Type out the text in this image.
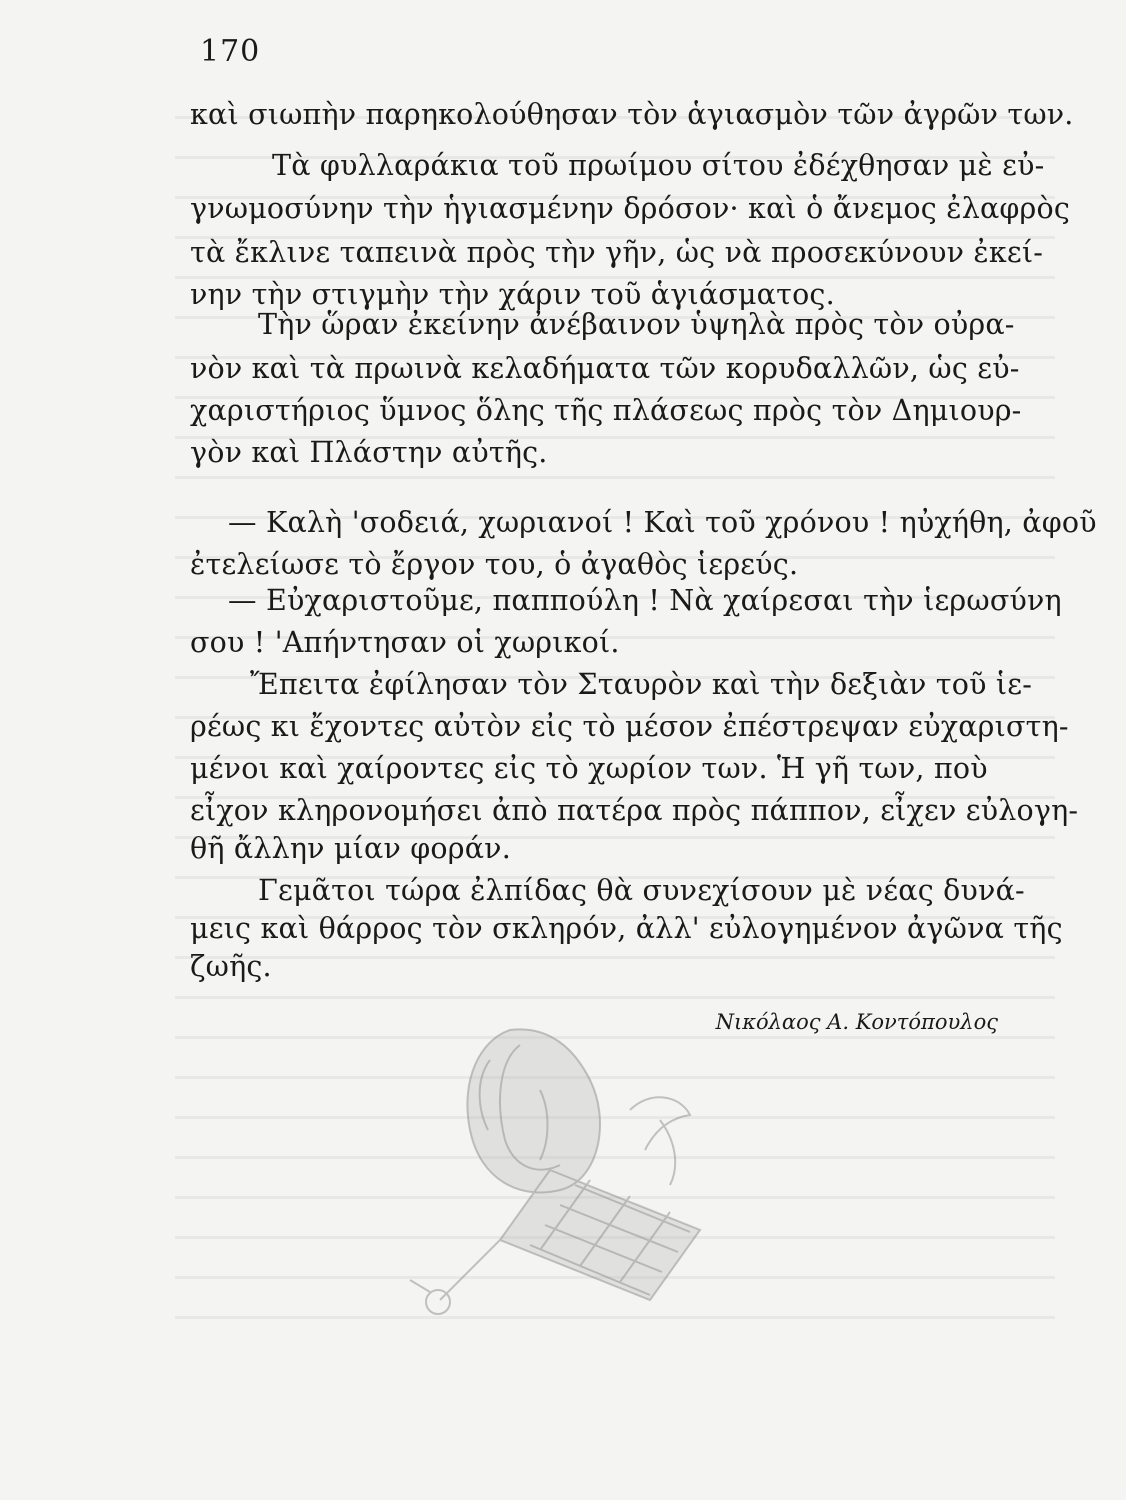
170
καὶ σιωπὴν παρηκολούθησαν τὸν ἁγιασμὸν τῶν ἀγρῶν των.
Τὰ φυλλαράκια τοῦ πρωίμου σίτου ἐδέχθησαν μὲ εὐ-
γνωμοσύνην τὴν ἡγιασμένην δρόσον· καὶ ὁ ἄνεμος ἐλαφρὸς
τὰ ἔκλινε ταπεινὰ πρὸς τὴν γῆν, ὡς νὰ προσεκύνουν ἐκεί-
νην τὴν στιγμὴν τὴν χάριν τοῦ ἁγιάσματος.
Τὴν ὥραν ἐκείνην ἀνέβαινον ὑψηλὰ πρὸς τὸν οὐρα-
νὸν καὶ τὰ πρωινὰ κελαδήματα τῶν κορυδαλλῶν, ὡς εὐ-
χαριστήριος ὕμνος ὅλης τῆς πλάσεως πρὸς τὸν Δημιουρ-
γὸν καὶ Πλάστην αὐτῆς.
— Καλὴ 'σοδειά, χωριανοί ! Καὶ τοῦ χρόνου ! ηὐχήθη, ἀφοῦ
ἐτελείωσε τὸ ἔργον του, ὁ ἀγαθὸς ἱερεύς.
— Εὐχαριστοῦμε, παππούλη ! Νὰ χαίρεσαι τὴν ἱερωσύνη
σου ! 'Απήντησαν οἱ χωρικοί.
Ἔπειτα ἐφίλησαν τὸν Σταυρὸν καὶ τὴν δεξιὰν τοῦ ἱε-
ρέως κι ἔχοντες αὐτὸν εἰς τὸ μέσον ἐπέστρεψαν εὐχαριστη-
μένοι καὶ χαίροντες εἰς τὸ χωρίον των. Ἡ γῆ των, ποὺ
εἶχον κληρονομήσει ἀπὸ πατέρα πρὸς πάππον, εἶχεν εὐλογη-
θῆ ἄλλην μίαν φοράν.
Γεμᾶτοι τώρα ἐλπίδας θὰ συνεχίσουν μὲ νέας δυνά-
μεις καὶ θάρρος τὸν σκληρόν, ἀλλ' εὐλογημένον ἀγῶνα τῆς
ζωῆς.
Νικόλαος Α. Κοντόπουλος
